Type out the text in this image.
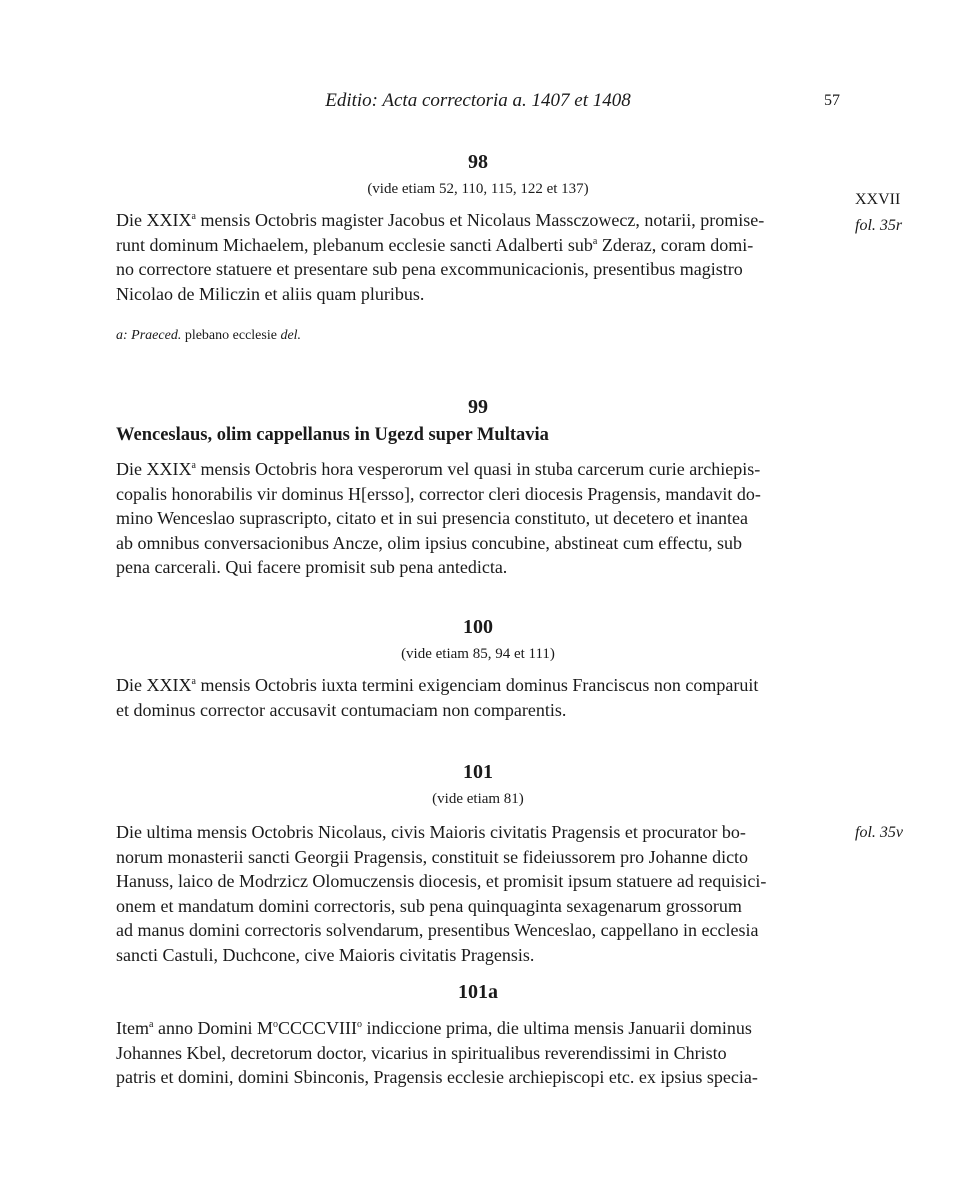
Editio: Acta correctoria a. 1407 et 1408	57
XXVII
fol. 35r
fol. 35v
98
(vide etiam 52, 110, 115, 122 et 137)
Die XXIX$^a$ mensis Octobris magister Jacobus et Nicolaus Massczowecz, notarii, promise-
runt dominum Michaelem, plebanum ecclesie sancti Adalberti sub$^a$ Zderaz, coram domi-
no correctore statuere et presentare sub pena excommunicacionis, presentibus magistro
Nicolao de Miliczin et aliis quam pluribus.
a: Praeced. plebano ecclesie del.
99
Wenceslaus, olim cappellanus in Ugezd super Multavia
Die XXIX$^a$ mensis Octobris hora vesperorum vel quasi in stuba carcerum curie archiepis-
copalis honorabilis vir dominus H[ersso], corrector cleri diocesis Pragensis, mandavit do-
mino Wenceslao suprascripto, citato et in sui presencia constituto, ut decetero et inantea
ab omnibus conversacionibus Ancze, olim ipsius concubine, abstineat cum effectu, sub
pena carcerali. Qui facere promisit sub pena antedicta.
100
(vide etiam 85, 94 et 111)
Die XXIX$^a$ mensis Octobris iuxta termini exigenciam dominus Franciscus non comparuit
et dominus corrector accusavit contumaciam non comparentis.
101
(vide etiam 81)
Die ultima mensis Octobris Nicolaus, civis Maioris civitatis Pragensis et procurator bo-
norum monasterii sancti Georgii Pragensis, constituit se fideiussorem pro Johanne dicto
Hanuss, laico de Modrzicz Olomuczensis diocesis, et promisit ipsum statuere ad requisici-
onem et mandatum domini correctoris, sub pena quinquaginta sexagenarum grossorum
ad manus domini correctoris solvendarum, presentibus Wenceslao, cappellano in ecclesia
sancti Castuli, Duchcone, cive Maioris civitatis Pragensis.
101a
Item$^a$ anno Domini $M^oCCCCVIII^o$ indiccione prima, die ultima mensis Januarii dominus
Johannes Kbel, decretorum doctor, vicarius in spiritualibus reverendissimi in Christo
patris et domini, domini Sbinconis, Pragensis ecclesie archiepiscopi etc. ex ipsius specia-
